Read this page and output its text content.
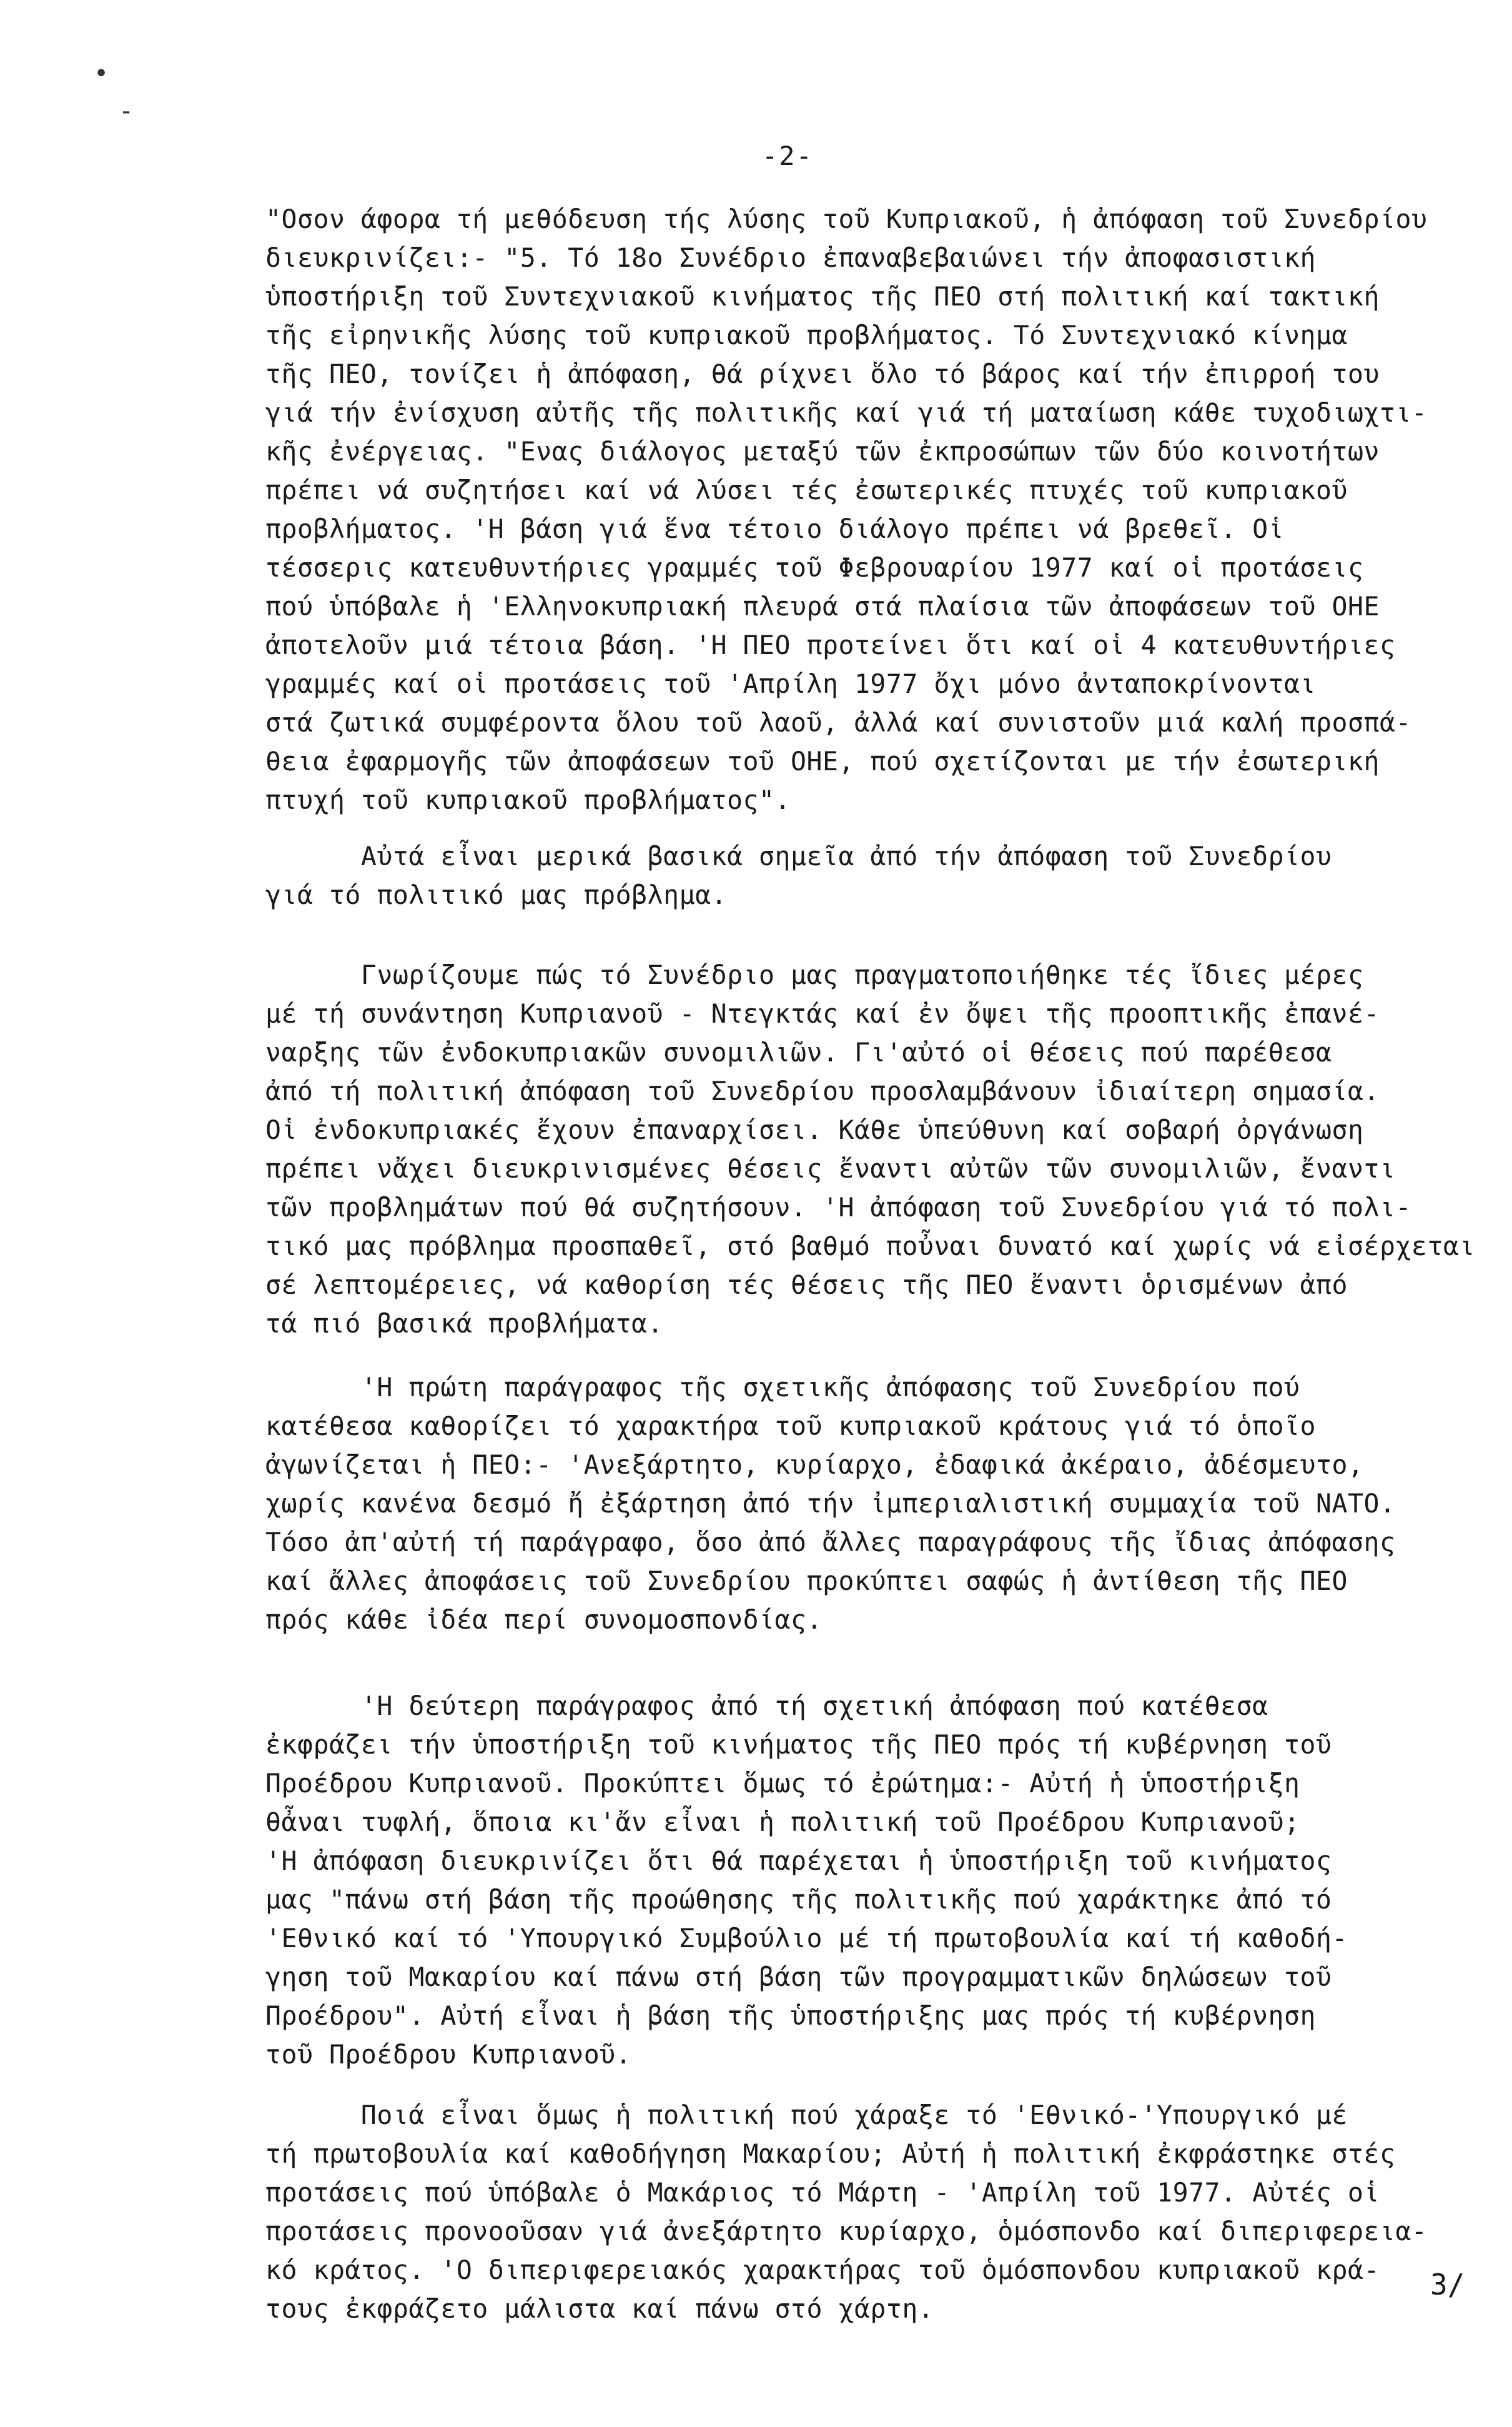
•
-
-2-
"Οσον άφορα τή μεθόδευση τής λύσης τοῦ Κυπριακοῦ, ἡ ἀπόφαση τοῦ Συνεδρίου
διευκρινίζει:- "5. Τό 18ο Συνέδριο ἐπαναβεβαιώνει τήν ἀποφασιστική
ὑποστήριξη τοῦ Συντεχνιακοῦ κινήματος τῆς ΠΕΟ στή πολιτική καί τακτική
τῆς εἰρηνικῆς λύσης τοῦ κυπριακοῦ προβλήματος. Τό Συντεχνιακό κίνημα
τῆς ΠΕΟ, τονίζει ἡ ἀπόφαση, θά ρίχνει ὅλο τό βάρος καί τήν ἐπιρροή του
γιά τήν ἐνίσχυση αὐτῆς τῆς πολιτικῆς καί γιά τή ματαίωση κάθε τυχοδιωχτι-
κῆς ἐνέργειας. "Ενας διάλογος μεταξύ τῶν ἐκπροσώπων τῶν δύο κοινοτήτων
πρέπει νά συζητήσει καί νά λύσει τές ἐσωτερικές πτυχές τοῦ κυπριακοῦ
προβλήματος. 'Η βάση γιά ἕνα τέτοιο διάλογο πρέπει νά βρεθεῖ. Οἱ
τέσσερις κατευθυντήριες γραμμές τοῦ Φεβρουαρίου 1977 καί οἱ προτάσεις
πού ὑπόβαλε ἡ 'Ελληνοκυπριακή πλευρά στά πλαίσια τῶν ἀποφάσεων τοῦ ΟΗΕ
ἀποτελοῦν μιά τέτοια βάση. 'Η ΠΕΟ προτείνει ὅτι καί οἱ 4 κατευθυντήριες
γραμμές καί οἱ προτάσεις τοῦ 'Απρίλη 1977 ὄχι μόνο ἀνταποκρίνονται
στά ζωτικά συμφέροντα ὅλου τοῦ λαοῦ, ἀλλά καί συνιστοῦν μιά καλή προσπά-
θεια ἐφαρμογῆς τῶν ἀποφάσεων τοῦ ΟΗΕ, πού σχετίζονται με τήν ἐσωτερική
πτυχή τοῦ κυπριακοῦ προβλήματος".
Αὐτά εἶναι μερικά βασικά σημεῖα ἀπό τήν ἀπόφαση τοῦ Συνεδρίου
γιά τό πολιτικό μας πρόβλημα.
Γνωρίζουμε πώς τό Συνέδριο μας πραγματοποιήθηκε τές ἴδιες μέρες
μέ τή συνάντηση Κυπριανοῦ - Ντεγκτάς καί ἐν ὄψει τῆς προοπτικῆς ἐπανέ-
ναρξης τῶν ἐνδοκυπριακῶν συνομιλιῶν. Γι'αὐτό οἱ θέσεις πού παρέθεσα
ἀπό τή πολιτική ἀπόφαση τοῦ Συνεδρίου προσλαμβάνουν ἰδιαίτερη σημασία.
Οἱ ἐνδοκυπριακές ἔχουν ἐπαναρχίσει. Κάθε ὑπεύθυνη καί σοβαρή ὀργάνωση
πρέπει νἄχει διευκρινισμένες θέσεις ἔναντι αὐτῶν τῶν συνομιλιῶν, ἔναντι
τῶν προβλημάτων πού θά συζητήσουν. 'Η ἀπόφαση τοῦ Συνεδρίου γιά τό πολι-
τικό μας πρόβλημα προσπαθεῖ, στό βαθμό ποὖναι δυνατό καί χωρίς νά εἰσέρχεται
σέ λεπτομέρειες, νά καθορίση τές θέσεις τῆς ΠΕΟ ἔναντι ὁρισμένων ἀπό
τά πιό βασικά προβλήματα.
'Η πρώτη παράγραφος τῆς σχετικῆς ἀπόφασης τοῦ Συνεδρίου πού
κατέθεσα καθορίζει τό χαρακτήρα τοῦ κυπριακοῦ κράτους γιά τό ὁποῖο
ἀγωνίζεται ἡ ΠΕΟ:- 'Ανεξάρτητο, κυρίαρχο, ἐδαφικά ἀκέραιο, ἀδέσμευτο,
χωρίς κανένα δεσμό ἤ ἐξάρτηση ἀπό τήν ἰμπεριαλιστική συμμαχία τοῦ ΝΑΤΟ.
Τόσο ἀπ'αὐτή τή παράγραφο, ὅσο ἀπό ἄλλες παραγράφους τῆς ἴδιας ἀπόφασης
καί ἄλλες ἀποφάσεις τοῦ Συνεδρίου προκύπτει σαφώς ἡ ἀντίθεση τῆς ΠΕΟ
πρός κάθε ἰδέα περί συνομοσπονδίας.
'Η δεύτερη παράγραφος ἀπό τή σχετική ἀπόφαση πού κατέθεσα
ἐκφράζει τήν ὑποστήριξη τοῦ κινήματος τῆς ΠΕΟ πρός τή κυβέρνηση τοῦ
Προέδρου Κυπριανοῦ. Προκύπτει ὅμως τό ἐρώτημα:- Αὐτή ἡ ὑποστήριξη
θἆναι τυφλή, ὅποια κι'ἄν εἶναι ἡ πολιτική τοῦ Προέδρου Κυπριανοῦ;
'Η ἀπόφαση διευκρινίζει ὅτι θά παρέχεται ἡ ὑποστήριξη τοῦ κινήματος
μας "πάνω στή βάση τῆς προώθησης τῆς πολιτικῆς πού χαράκτηκε ἀπό τό
'Εθνικό καί τό 'Υπουργικό Συμβούλιο μέ τή πρωτοβουλία καί τή καθοδή-
γηση τοῦ Μακαρίου καί πάνω στή βάση τῶν προγραμματικῶν δηλώσεων τοῦ
Προέδρου". Αὐτή εἶναι ἡ βάση τῆς ὑποστήριξης μας πρός τή κυβέρνηση
τοῦ Προέδρου Κυπριανοῦ.
Ποιά εἶναι ὅμως ἡ πολιτική πού χάραξε τό 'Εθνικό-'Υπουργικό μέ
τή πρωτοβουλία καί καθοδήγηση Μακαρίου; Αὐτή ἡ πολιτική ἐκφράστηκε στές
προτάσεις πού ὑπόβαλε ὁ Μακάριος τό Μάρτη - 'Απρίλη τοῦ 1977. Αὐτές οἱ
προτάσεις προνοοῦσαν γιά ἀνεξάρτητο κυρίαρχο, ὁμόσπονδο καί διπεριφερεια-
κό κράτος. 'Ο διπεριφερειακός χαρακτήρας τοῦ ὁμόσπονδου κυπριακοῦ κρά-
τους ἐκφράζετο μάλιστα καί πάνω στό χάρτη.
3/
